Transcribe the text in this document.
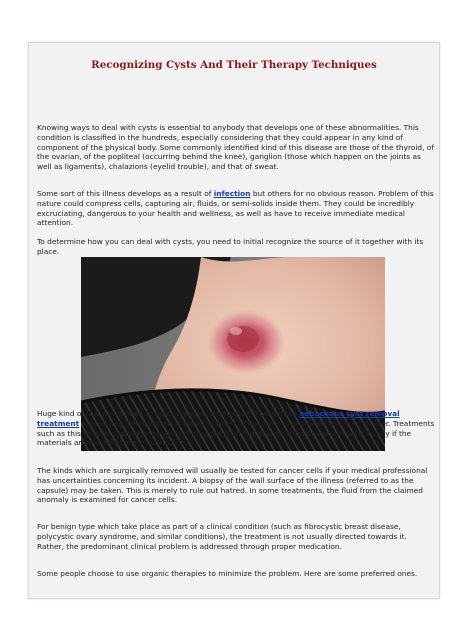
Recognizing Cysts And Their Therapy Techniques

Knowing ways to deal with cysts is essential to anybody that develops one of these abnormalities. This condition is classified in the hundreds, especially considering that they could appear in any kind of component of the physical body. Some commonly identified kind of this disease are those of the thyroid, of the ovarian, of the popliteal (occurring behind the knee), ganglion (those which happen on the joints as well as ligaments), chalazions (eyelid trouble), and that of sweat.

Some sort of this illness develops as a result of infection but others for no obvious reason. Problem of this nature could compress cells, capturing air, fluids, or semi-solids inside them. They could be incredibly excruciating, dangerous to your health and wellness, as well as have to receive immediate medical attention.

To determine how you can deal with cysts, you need to initial recognize the source of it together with its place.

Huge kind of this could need to be operatively eliminated. Throughout sebaceous cyst removal treatment procedures, the problem is either drained of fluid or it is aspirated using a catheter. Treatments such as this employ radiologic imaging during the draining or aspirating procedure, specifically if the materials are not effortlessly obtainable.

The kinds which are surgically removed will usually be tested for cancer cells if your medical professional has uncertainties concerning its incident. A biopsy of the wall surface of the illness (referred to as the capsule) may be taken. This is merely to rule out hatred. In some treatments, the fluid from the claimed anomaly is examined for cancer cells.

For benign type which take place as part of a clinical condition (such as fibrocystic breast disease, polycystic ovary syndrome, and similar conditions), the treatment is not usually directed towards it. Rather, the predominant clinical problem is addressed through proper medication.

Some people choose to use organic therapies to minimize the problem. Here are some preferred ones.
